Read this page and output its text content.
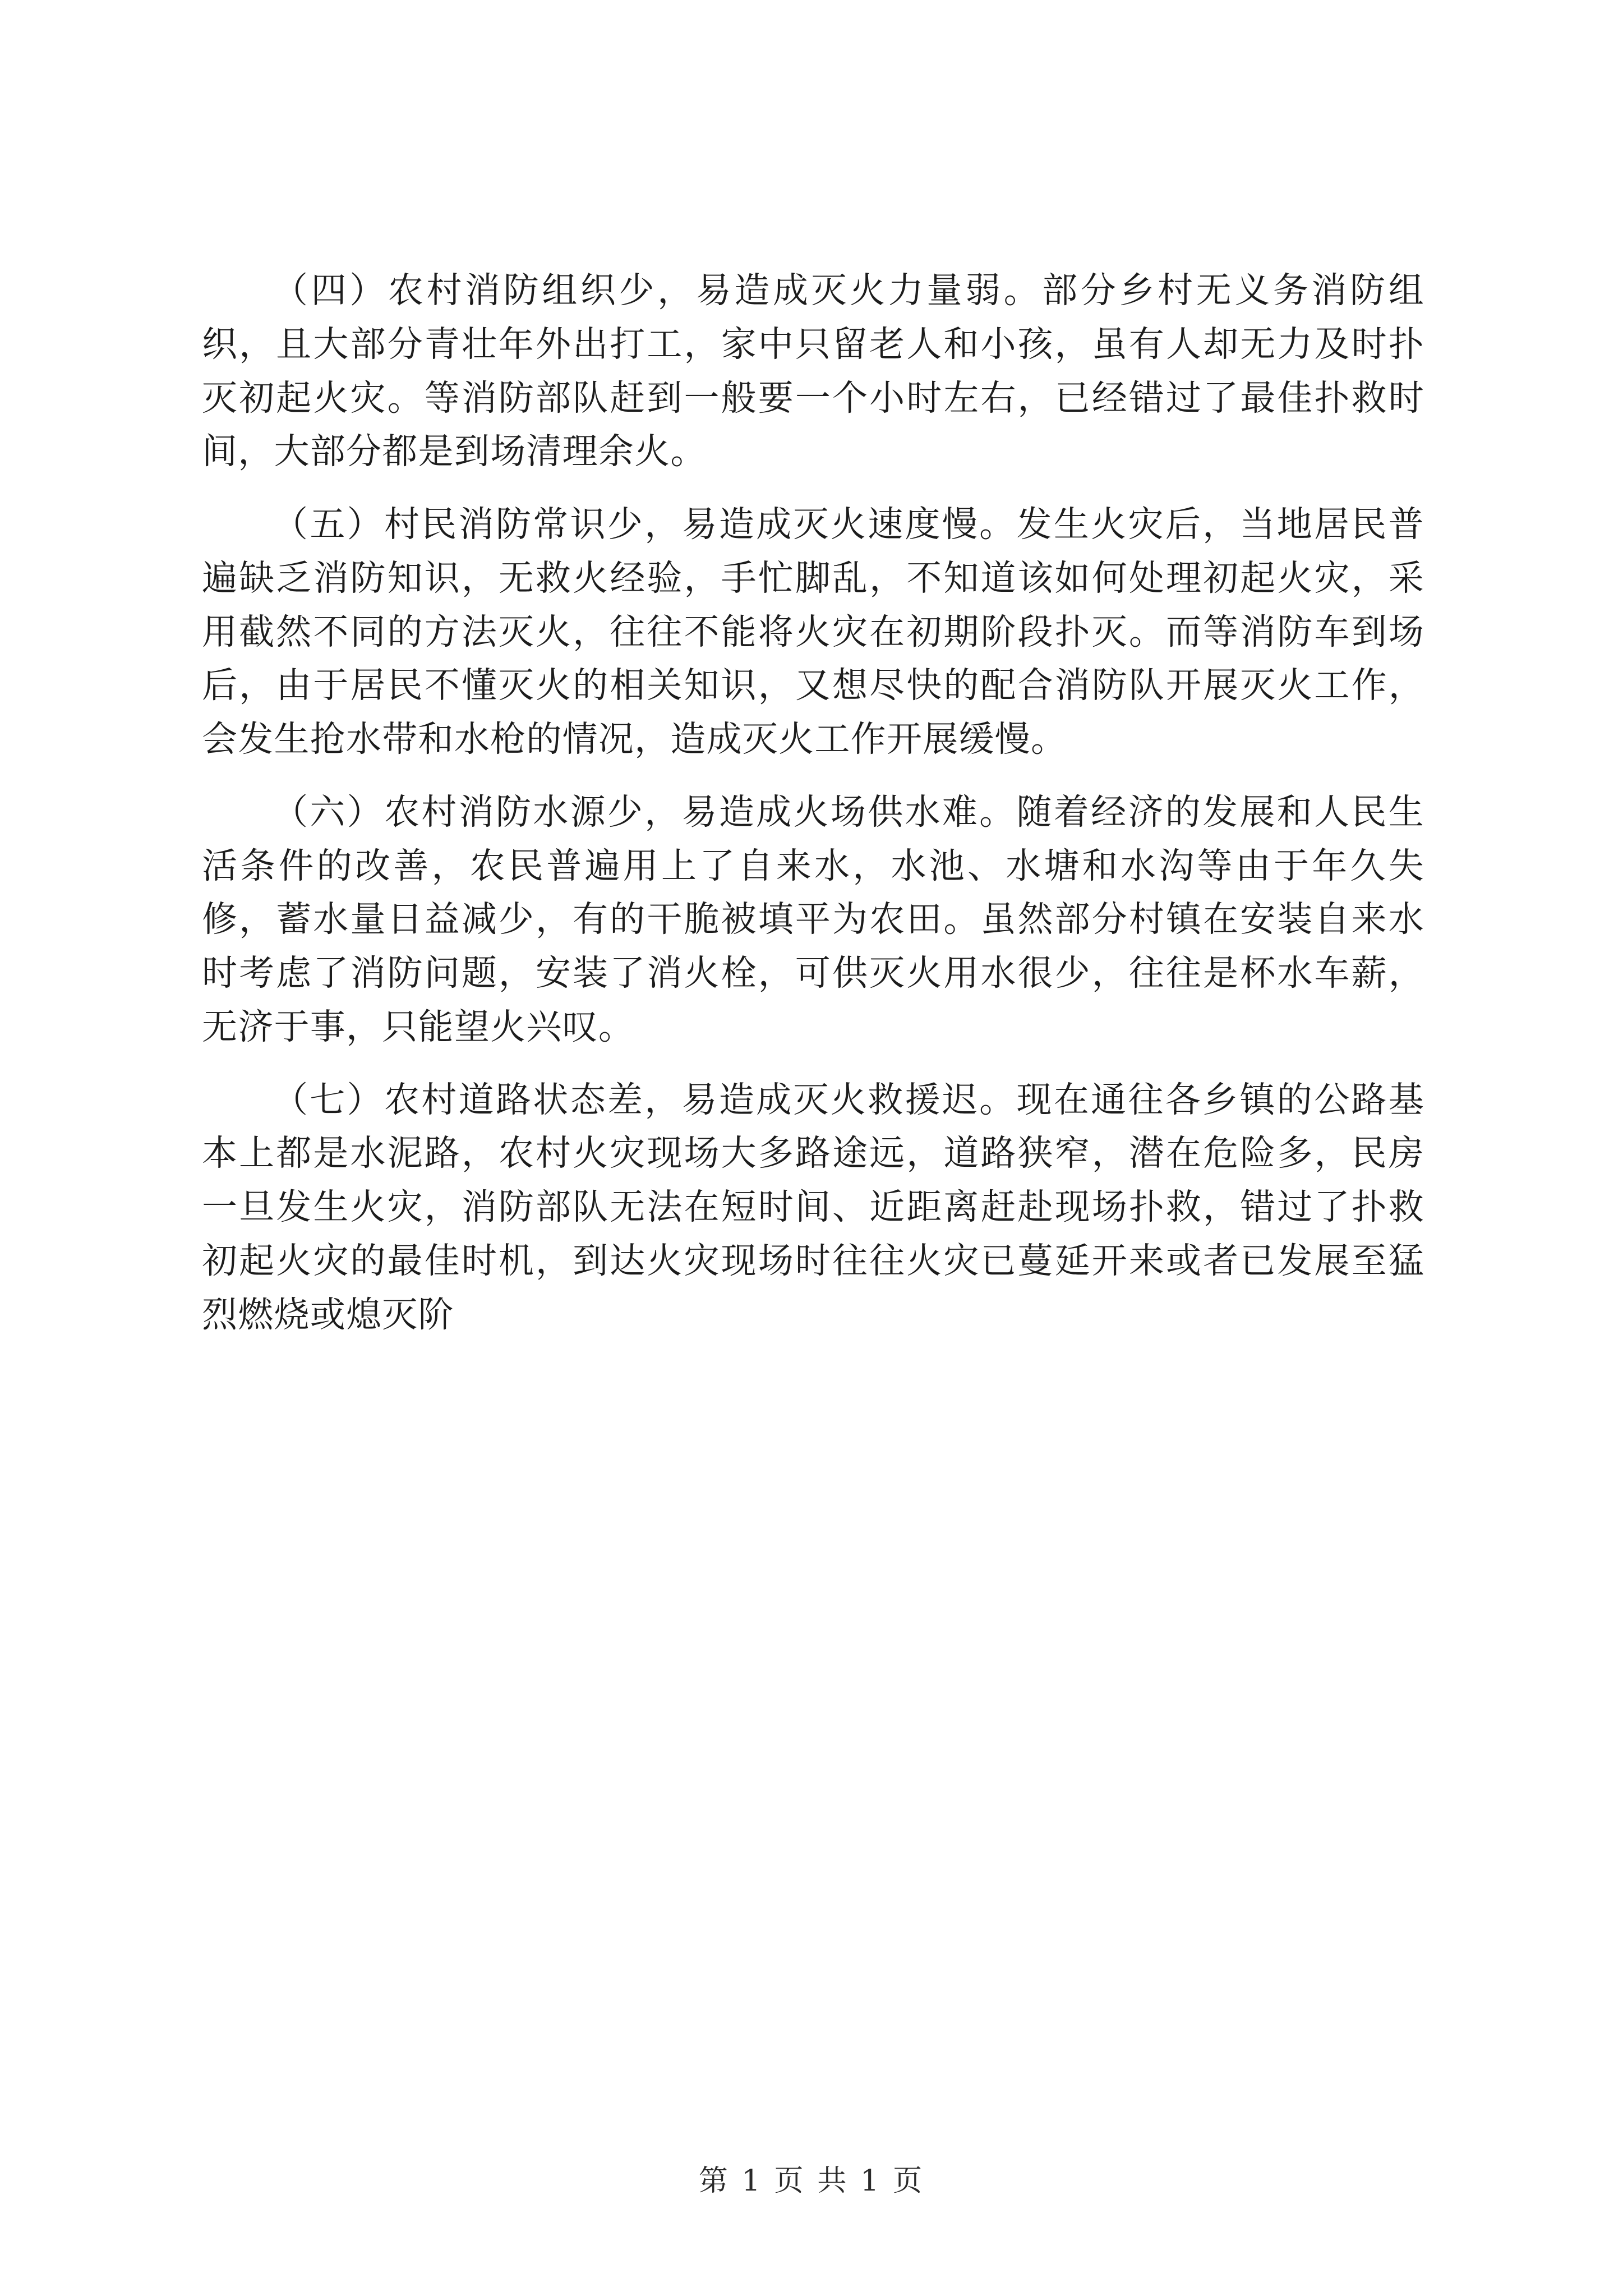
（四）农村消防组织少，易造成灭火力量弱。部分乡村无义务消防组织，且大部分青壮年外出打工，家中只留老人和小孩，虽有人却无力及时扑灭初起火灾。等消防部队赶到一般要一个小时左右，已经错过了最佳扑救时间，大部分都是到场清理余火。

（五）村民消防常识少，易造成灭火速度慢。发生火灾后，当地居民普遍缺乏消防知识，无救火经验，手忙脚乱，不知道该如何处理初起火灾，采用截然不同的方法灭火，往往不能将火灾在初期阶段扑灭。而等消防车到场后，由于居民不懂灭火的相关知识，又想尽快的配合消防队开展灭火工作，会发生抢水带和水枪的情况，造成灭火工作开展缓慢。

（六）农村消防水源少，易造成火场供水难。随着经济的发展和人民生活条件的改善，农民普遍用上了自来水，水池、水塘和水沟等由于年久失修，蓄水量日益减少，有的干脆被填平为农田。虽然部分村镇在安装自来水时考虑了消防问题，安装了消火栓，可供灭火用水很少，往往是杯水车薪，无济于事，只能望火兴叹。

（七）农村道路状态差，易造成灭火救援迟。现在通往各乡镇的公路基本上都是水泥路，农村火灾现场大多路途远，道路狭窄，潜在危险多，民房一旦发生火灾，消防部队无法在短时间、近距离赶赴现场扑救，错过了扑救初起火灾的最佳时机，到达火灾现场时往往火灾已蔓延开来或者已发展至猛烈燃烧或熄灭阶

第 1 页 共 1 页
